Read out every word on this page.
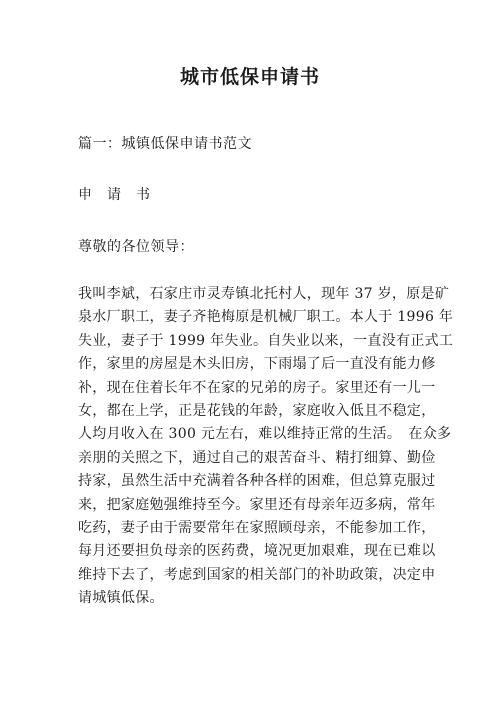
城市低保申请书
篇一：城镇低保申请书范文
申　请　书
尊敬的各位领导：
我叫李斌，石家庄市灵寿镇北托村人，现年 37 岁，原是矿
泉水厂职工，妻子齐艳梅原是机械厂职工。本人于 1996 年
失业，妻子于 1999 年失业。自失业以来，一直没有正式工
作，家里的房屋是木头旧房，下雨塌了后一直没有能力修
补，现在住着长年不在家的兄弟的房子。家里还有一儿一
女，都在上学，正是花钱的年龄，家庭收入低且不稳定，
人均月收入在 300 元左右，难以维持正常的生活。　在众多
亲朋的关照之下，通过自己的艰苦奋斗、精打细算、勤俭
持家，虽然生活中充满着各种各样的困难，但总算克服过
来，把家庭勉强维持至今。家里还有母亲年迈多病，常年
吃药，妻子由于需要常年在家照顾母亲，不能参加工作，
每月还要担负母亲的医药费，境况更加艰难，现在已难以
维持下去了，考虑到国家的相关部门的补助政策，决定申
请城镇低保。
